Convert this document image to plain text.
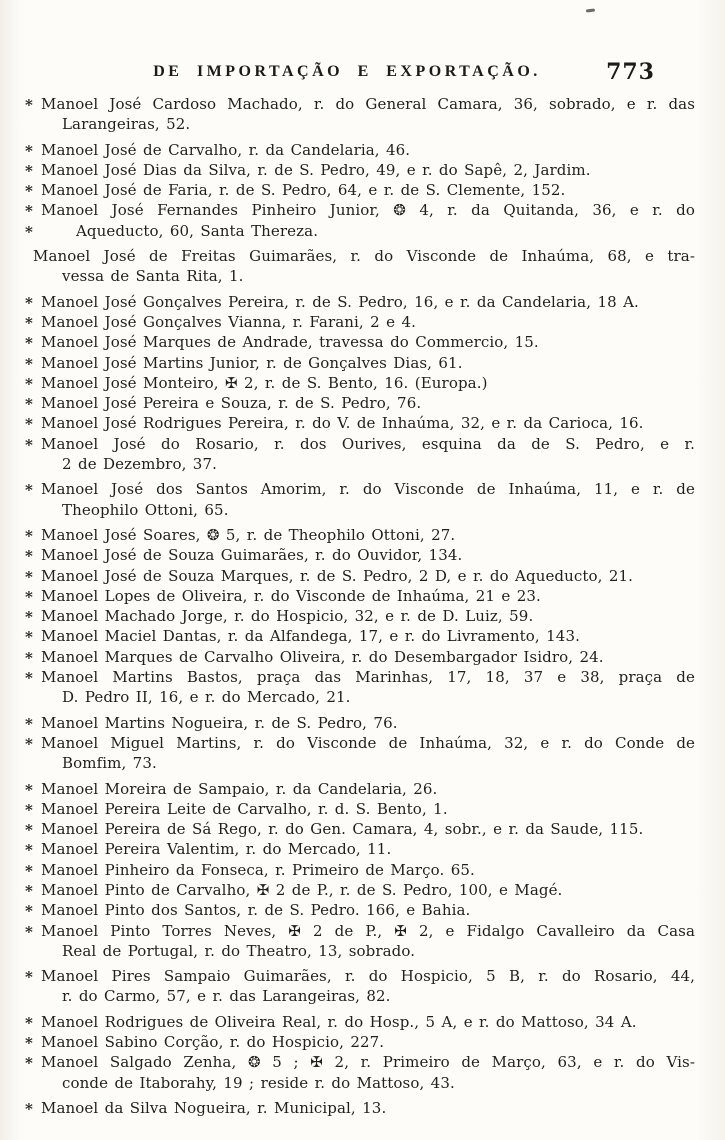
DE IMPORTAÇÃO E EXPORTAÇÃO.	773
* Manoel José Cardoso Machado, r. do General Camara, 36, sobrado, e r. das
Larangeiras, 52.
* Manoel José de Carvalho, r. da Candelaria, 46.
* Manoel José Dias da Silva, r. de S. Pedro, 49, e r. do Sapê, 2, Jardim.
* Manoel José de Faria, r. de S. Pedro, 64, e r. de S. Clemente, 152.
* Manoel José Fernandes Pinheiro Junior, ❂ 4, r. da Quitanda, 36, e r. do
*	Aqueducto, 60, Santa Thereza.
Manoel José de Freitas Guimarães, r. do Visconde de Inhaúma, 68, e tra-
vessa de Santa Rita, 1.
* Manoel José Gonçalves Pereira, r. de S. Pedro, 16, e r. da Candelaria, 18 A.
* Manoel José Gonçalves Vianna, r. Farani, 2 e 4.
* Manoel José Marques de Andrade, travessa do Commercio, 15.
* Manoel José Martins Junior, r. de Gonçalves Dias, 61.
* Manoel José Monteiro, ✠ 2, r. de S. Bento, 16. (Europa.)
* Manoel José Pereira e Souza, r. de S. Pedro, 76.
* Manoel José Rodrigues Pereira, r. do V. de Inhaúma, 32, e r. da Carioca, 16.
* Manoel José do Rosario, r. dos Ourives, esquina da de S. Pedro, e r.
2 de Dezembro, 37.
* Manoel José dos Santos Amorim, r. do Visconde de Inhaúma, 11, e r. de
Theophilo Ottoni, 65.
* Manoel José Soares, ❂ 5, r. de Theophilo Ottoni, 27.
* Manoel José de Souza Guimarães, r. do Ouvidor, 134.
* Manoel José de Souza Marques, r. de S. Pedro, 2 D, e r. do Aqueducto, 21.
* Manoel Lopes de Oliveira, r. do Visconde de Inhaúma, 21 e 23.
* Manoel Machado Jorge, r. do Hospicio, 32, e r. de D. Luiz, 59.
* Manoel Maciel Dantas, r. da Alfandega, 17, e r. do Livramento, 143.
* Manoel Marques de Carvalho Oliveira, r. do Desembargador Isidro, 24.
* Manoel Martins Bastos, praça das Marinhas, 17, 18, 37 e 38, praça de
D. Pedro II, 16, e r. do Mercado, 21.
* Manoel Martins Nogueira, r. de S. Pedro, 76.
* Manoel Miguel Martins, r. do Visconde de Inhaúma, 32, e r. do Conde de
Bomfim, 73.
* Manoel Moreira de Sampaio, r. da Candelaria, 26.
* Manoel Pereira Leite de Carvalho, r. d. S. Bento, 1.
* Manoel Pereira de Sá Rego, r. do Gen. Camara, 4, sobr., e r. da Saude, 115.
* Manoel Pereira Valentim, r. do Mercado, 11.
* Manoel Pinheiro da Fonseca, r. Primeiro de Março. 65.
* Manoel Pinto de Carvalho, ✠ 2 de P., r. de S. Pedro, 100, e Magé.
* Manoel Pinto dos Santos, r. de S. Pedro. 166, e Bahia.
* Manoel Pinto Torres Neves, ✠ 2 de P., ✠ 2, e Fidalgo Cavalleiro da Casa
Real de Portugal, r. do Theatro, 13, sobrado.
* Manoel Pires Sampaio Guimarães, r. do Hospicio, 5 B, r. do Rosario, 44,
r. do Carmo, 57, e r. das Larangeiras, 82.
* Manoel Rodrigues de Oliveira Real, r. do Hosp., 5 A, e r. do Mattoso, 34 A.
* Manoel Sabino Corção, r. do Hospicio, 227.
* Manoel Salgado Zenha, ❂ 5 ; ✠ 2, r. Primeiro de Março, 63, e r. do Vis-
conde de Itaborahy, 19 ; reside r. do Mattoso, 43.
* Manoel da Silva Nogueira, r. Municipal, 13.
